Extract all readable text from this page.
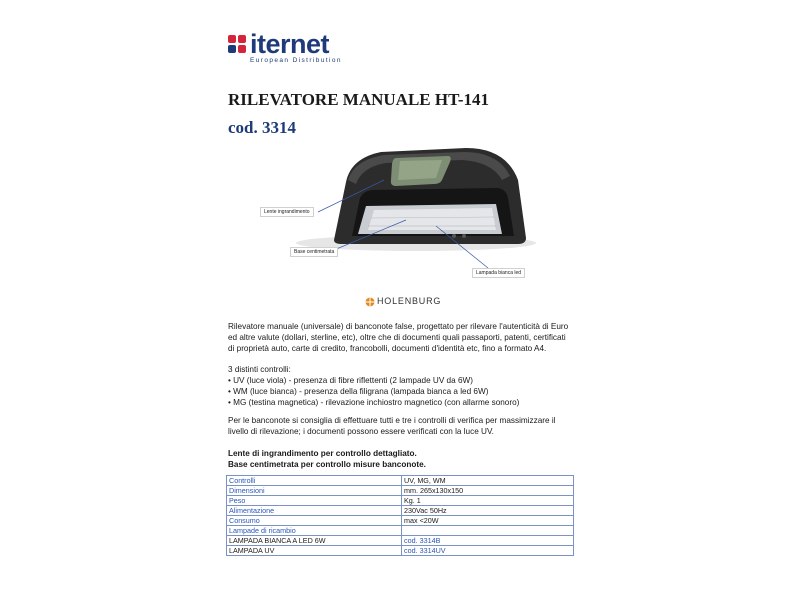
iternet
European Distribution
RILEVATORE MANUALE HT-141
cod. 3314
Lente ingrandimento
Base centimetrata
Lampada bianca led
HOLENBURG
Rilevatore manuale (universale) di banconote false, progettato per rilevare l'autenticità di Euro ed altre valute (dollari, sterline, etc), oltre che di documenti quali passaporti, patenti, certificati di proprietà auto, carte di credito, francobolli, documenti d'identità etc, fino a formato A4.
3 distinti controlli:
• UV (luce viola) - presenza di fibre riflettenti (2 lampade UV da 6W)
• WM (luce bianca) - presenza della filigrana (lampada bianca a led 6W)
• MG (testina magnetica) - rilevazione inchiostro magnetico (con allarme sonoro)
Per le banconote si consiglia di effettuare tutti e tre i controlli di verifica per massimizzare il livello di rilevazione; i documenti possono essere verificati con la luce UV.
Lente di ingrandimento per controllo dettagliato.
Base centimetrata per controllo misure banconote.
Controlli	UV, MG, WM
Dimensioni	mm. 265x130x150
Peso	Kg. 1
Alimentazione	230Vac 50Hz
Consumo	max <20W
Lampade di ricambio	
LAMPADA BIANCA A LED 6W	cod. 3314B
LAMPADA UV	cod. 3314UV
